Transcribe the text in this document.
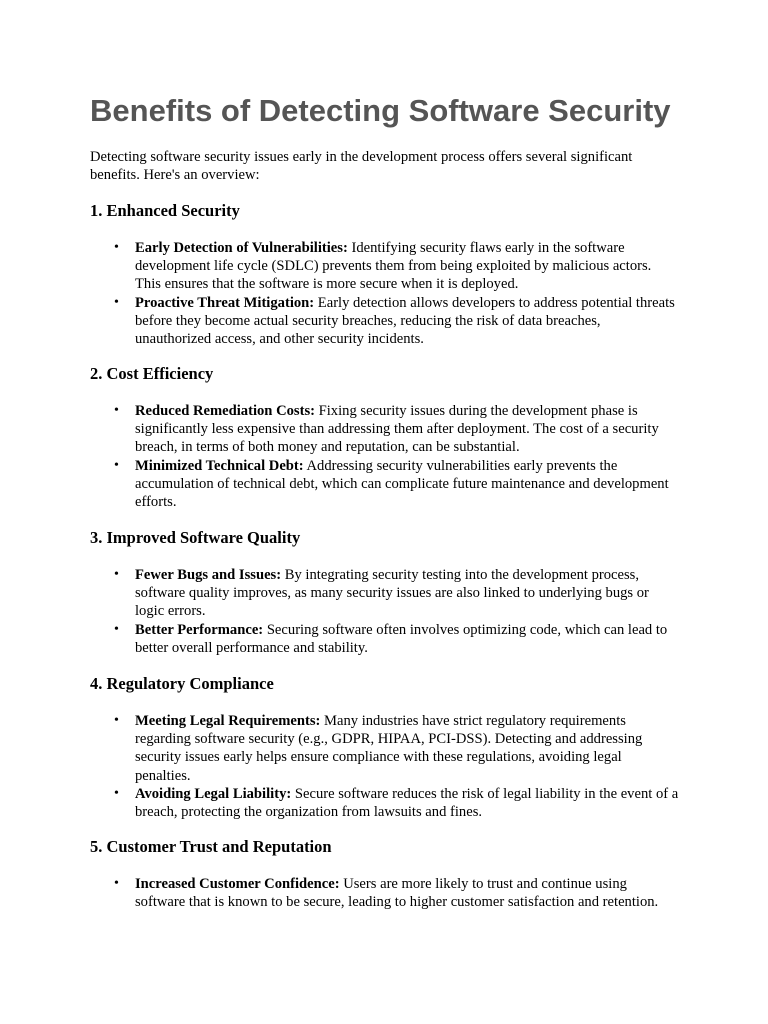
Benefits of Detecting Software Security

Detecting software security issues early in the development process offers several significant benefits. Here's an overview:

1. Enhanced Security
• Early Detection of Vulnerabilities: Identifying security flaws early in the software development life cycle (SDLC) prevents them from being exploited by malicious actors. This ensures that the software is more secure when it is deployed.
• Proactive Threat Mitigation: Early detection allows developers to address potential threats before they become actual security breaches, reducing the risk of data breaches, unauthorized access, and other security incidents.
2. Cost Efficiency
• Reduced Remediation Costs: Fixing security issues during the development phase is significantly less expensive than addressing them after deployment. The cost of a security breach, in terms of both money and reputation, can be substantial.
• Minimized Technical Debt: Addressing security vulnerabilities early prevents the accumulation of technical debt, which can complicate future maintenance and development efforts.
3. Improved Software Quality
• Fewer Bugs and Issues: By integrating security testing into the development process, software quality improves, as many security issues are also linked to underlying bugs or logic errors.
• Better Performance: Securing software often involves optimizing code, which can lead to better overall performance and stability.
4. Regulatory Compliance
• Meeting Legal Requirements: Many industries have strict regulatory requirements regarding software security (e.g., GDPR, HIPAA, PCI-DSS). Detecting and addressing security issues early helps ensure compliance with these regulations, avoiding legal penalties.
• Avoiding Legal Liability: Secure software reduces the risk of legal liability in the event of a breach, protecting the organization from lawsuits and fines.
5. Customer Trust and Reputation
• Increased Customer Confidence: Users are more likely to trust and continue using software that is known to be secure, leading to higher customer satisfaction and retention.
